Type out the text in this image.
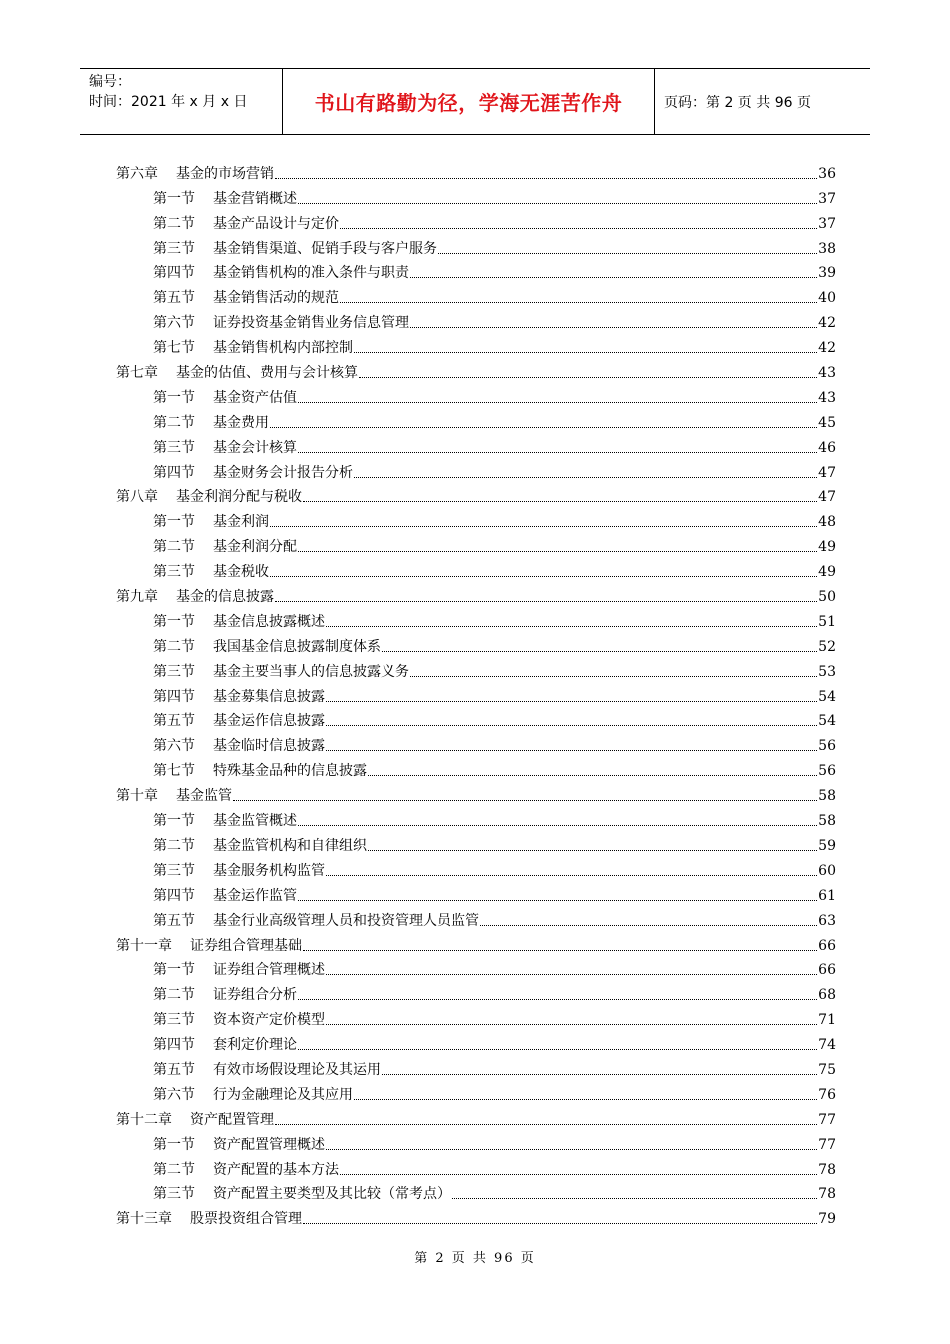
编号：
时间：2021 年 x 月 x 日	书山有路勤为径，学海无涯苦作舟	页码：第 2 页 共 96 页
第六章 基金的市场营销	36
第一节 基金营销概述	37
第二节 基金产品设计与定价	37
第三节 基金销售渠道、促销手段与客户服务	38
第四节 基金销售机构的准入条件与职责	39
第五节 基金销售活动的规范	40
第六节 证券投资基金销售业务信息管理	42
第七节 基金销售机构内部控制	42
第七章 基金的估值、费用与会计核算	43
第一节 基金资产估值	43
第二节 基金费用	45
第三节 基金会计核算	46
第四节 基金财务会计报告分析	47
第八章 基金利润分配与税收	47
第一节 基金利润	48
第二节 基金利润分配	49
第三节 基金税收	49
第九章 基金的信息披露	50
第一节 基金信息披露概述	51
第二节 我国基金信息披露制度体系	52
第三节 基金主要当事人的信息披露义务	53
第四节 基金募集信息披露	54
第五节 基金运作信息披露	54
第六节 基金临时信息披露	56
第七节 特殊基金品种的信息披露	56
第十章 基金监管	58
第一节 基金监管概述	58
第二节 基金监管机构和自律组织	59
第三节 基金服务机构监管	60
第四节 基金运作监管	61
第五节 基金行业高级管理人员和投资管理人员监管	63
第十一章 证券组合管理基础	66
第一节 证券组合管理概述	66
第二节 证券组合分析	68
第三节 资本资产定价模型	71
第四节 套利定价理论	74
第五节 有效市场假设理论及其运用	75
第六节 行为金融理论及其应用	76
第十二章 资产配置管理	77
第一节 资产配置管理概述	77
第二节 资产配置的基本方法	78
第三节 资产配置主要类型及其比较（常考点）	78
第十三章 股票投资组合管理	79
第 2 页 共 96 页
